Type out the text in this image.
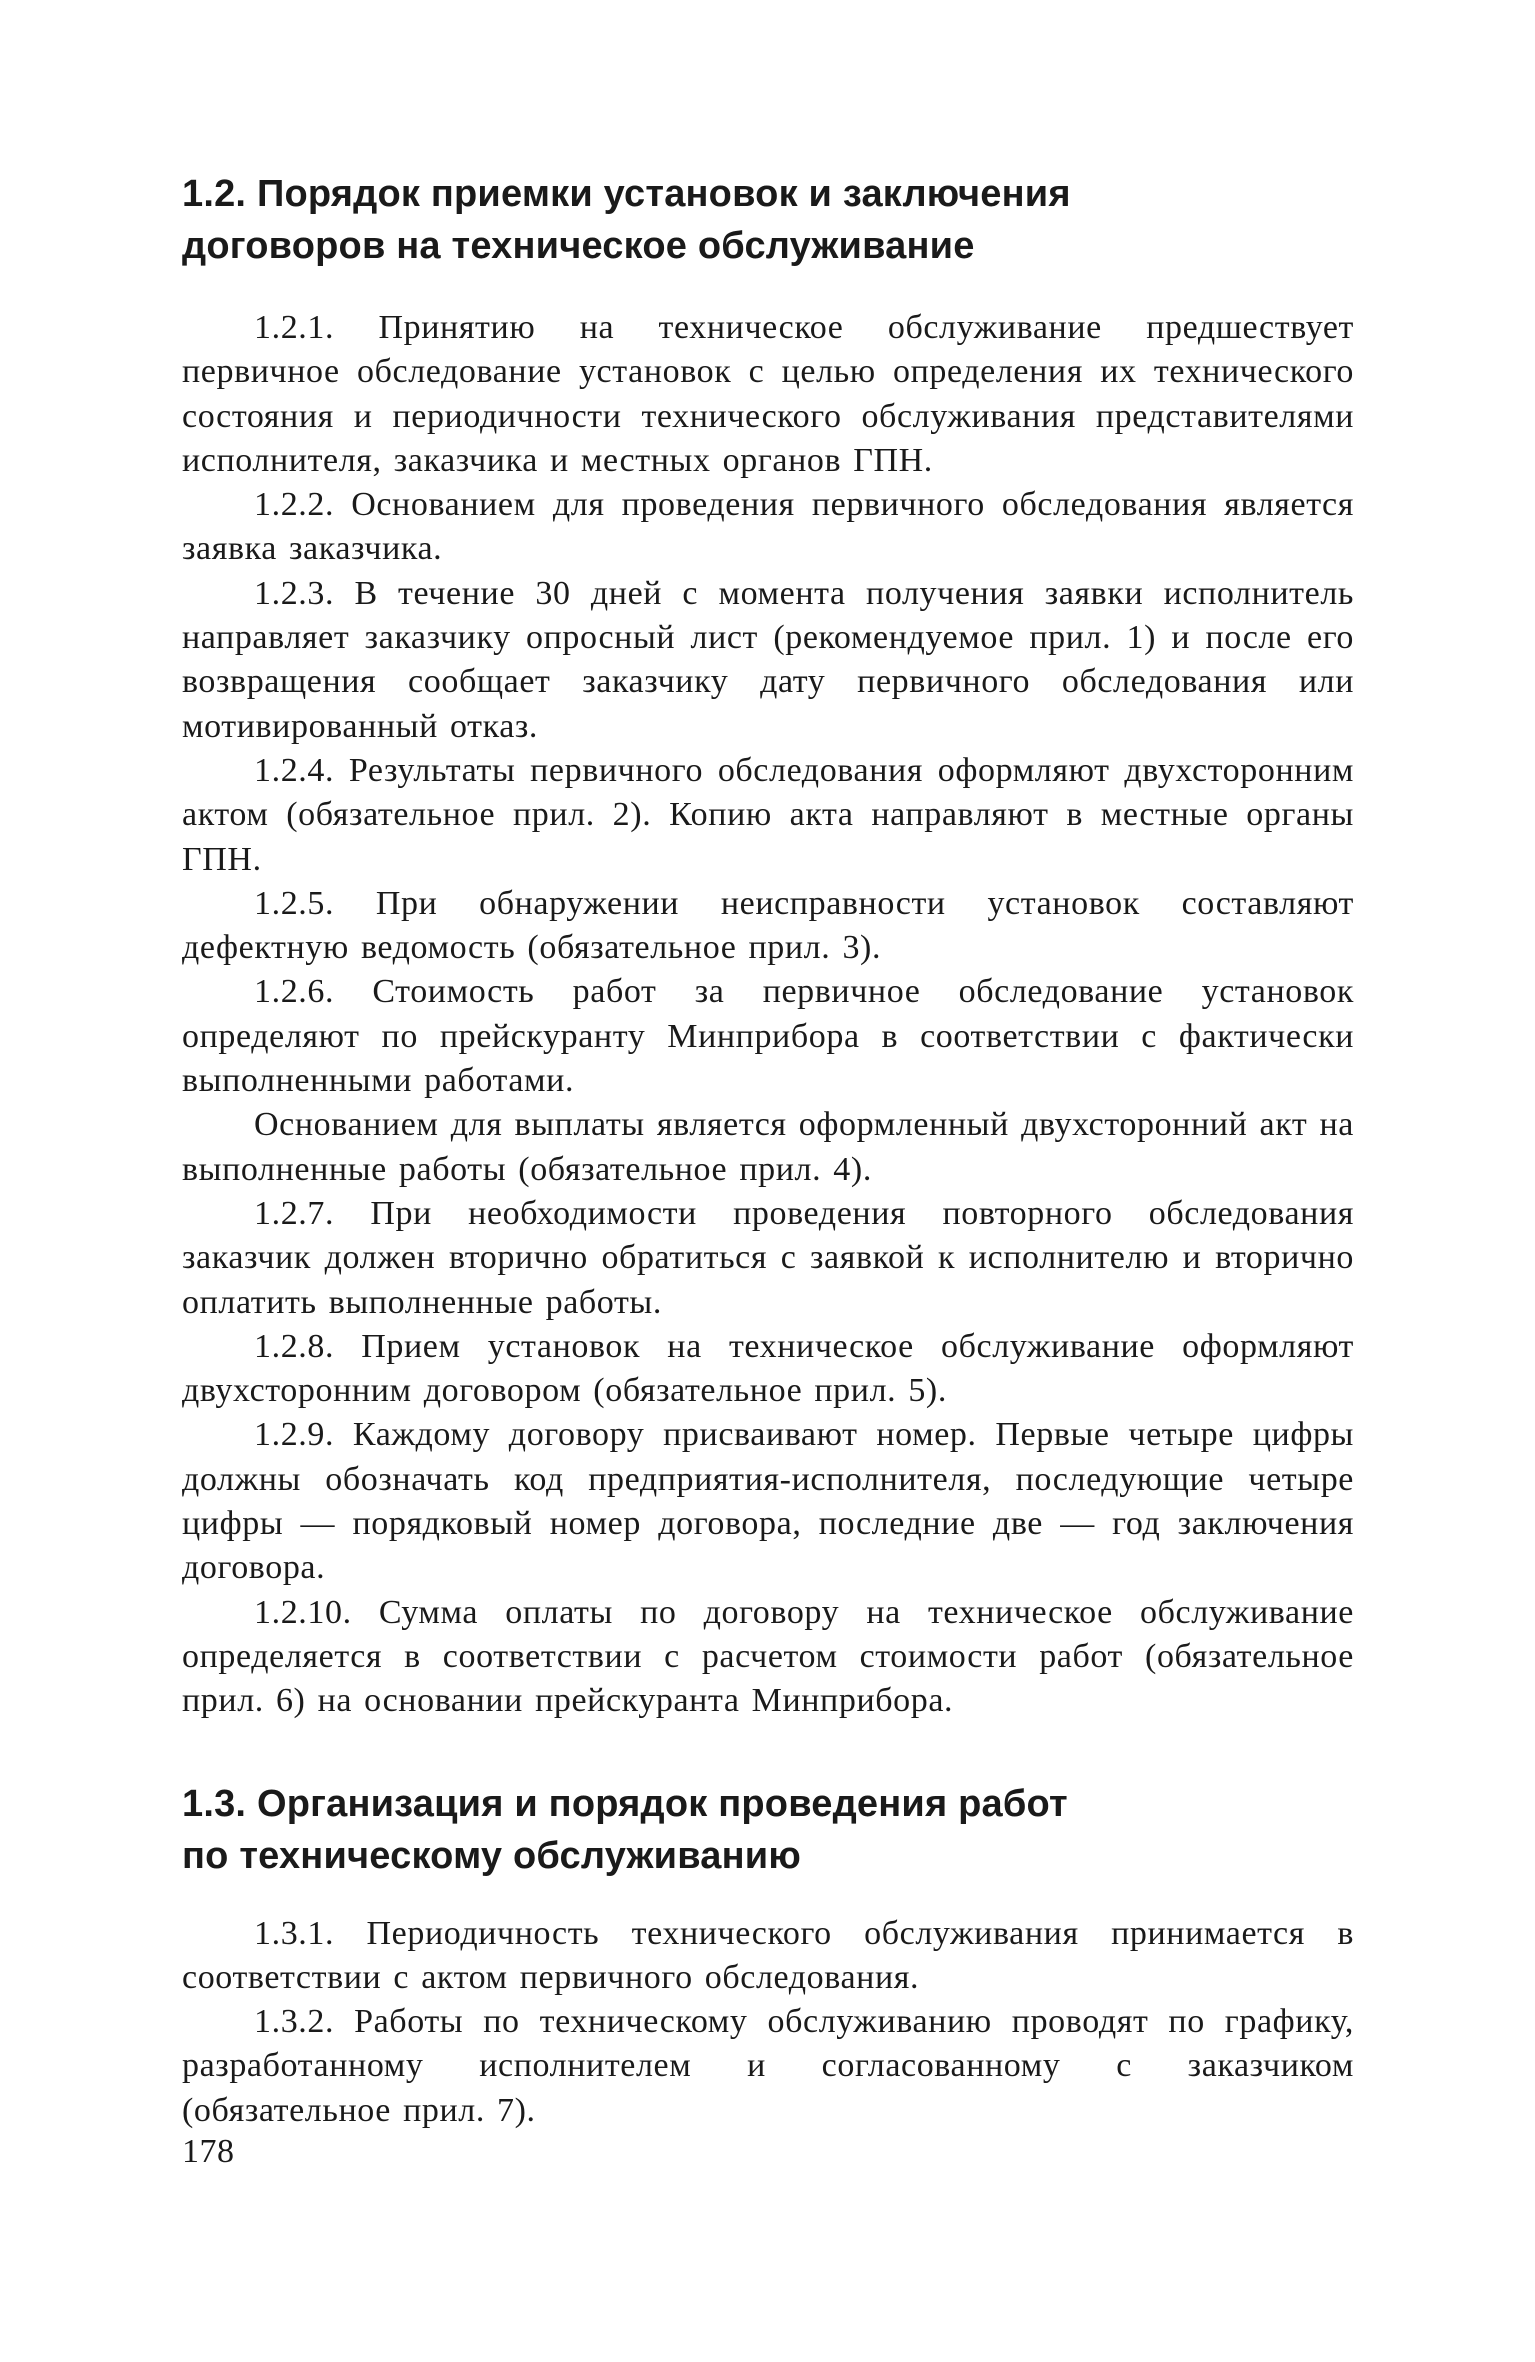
1.2. Порядок приемки установок и заключения
договоров на техническое обслуживание

1.2.1. Принятию на техническое обслуживание предшествует первичное обследование установок с целью определения их технического состояния и периодичности технического обслуживания представителями исполнителя, заказчика и местных органов ГПН.

1.2.2. Основанием для проведения первичного обследования является заявка заказчика.

1.2.3. В течение 30 дней с момента получения заявки исполнитель направляет заказчику опросный лист (рекомендуемое прил. 1) и после его возвращения сообщает заказчику дату первичного обследования или мотивированный отказ.

1.2.4. Результаты первичного обследования оформляют двухсторонним актом (обязательное прил. 2). Копию акта направляют в местные органы ГПН.

1.2.5. При обнаружении неисправности установок составляют дефектную ведомость (обязательное прил. 3).

1.2.6. Стоимость работ за первичное обследование установок определяют по прейскуранту Минприбора в соответствии с фактически выполненными работами.

Основанием для выплаты является оформленный двухсторонний акт на выполненные работы (обязательное прил. 4).

1.2.7. При необходимости проведения повторного обследования заказчик должен вторично обратиться с заявкой к исполнителю и вторично оплатить выполненные работы.

1.2.8. Прием установок на техническое обслуживание оформляют двухсторонним договором (обязательное прил. 5).

1.2.9. Каждому договору присваивают номер. Первые четыре цифры должны обозначать код предприятия-исполнителя, последующие четыре цифры — порядковый номер договора, последние две — год заключения договора.

1.2.10. Сумма оплаты по договору на техническое обслуживание определяется в соответствии с расчетом стоимости работ (обязательное прил. 6) на основании прейскуранта Минприбора.

1.3. Организация и порядок проведения работ
по техническому обслуживанию

1.3.1. Периодичность технического обслуживания принимается в соответствии с актом первичного обследования.

1.3.2. Работы по техническому обслуживанию проводят по графику, разработанному исполнителем и согласованному с заказчиком (обязательное прил. 7).

178
